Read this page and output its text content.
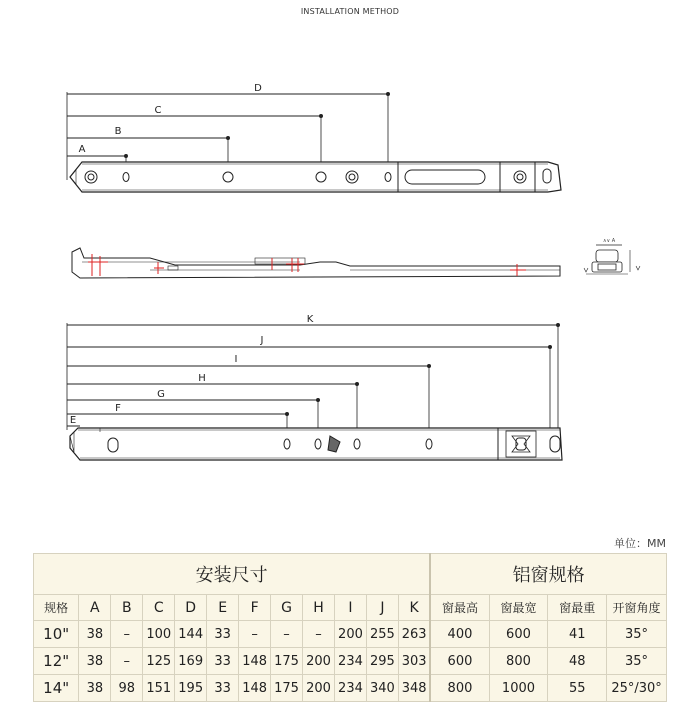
INSTALLATION METHOD
D
C
B
A
∧∨ A
K
J
I
H
G
F
E
单位：MM
安装尺寸												铝窗规格			
规格	A	B	C	D	E	F	G	H	I	J	K	窗最高	窗最宽	窗最重	开窗角度
10"	38	–	100	144	33	–	–	–	200	255	263	400	600	41	35°
12"	38	–	125	169	33	148	175	200	234	295	303	600	800	48	35°
14"	38	98	151	195	33	148	175	200	234	340	348	800	1000	55	25°/30°
